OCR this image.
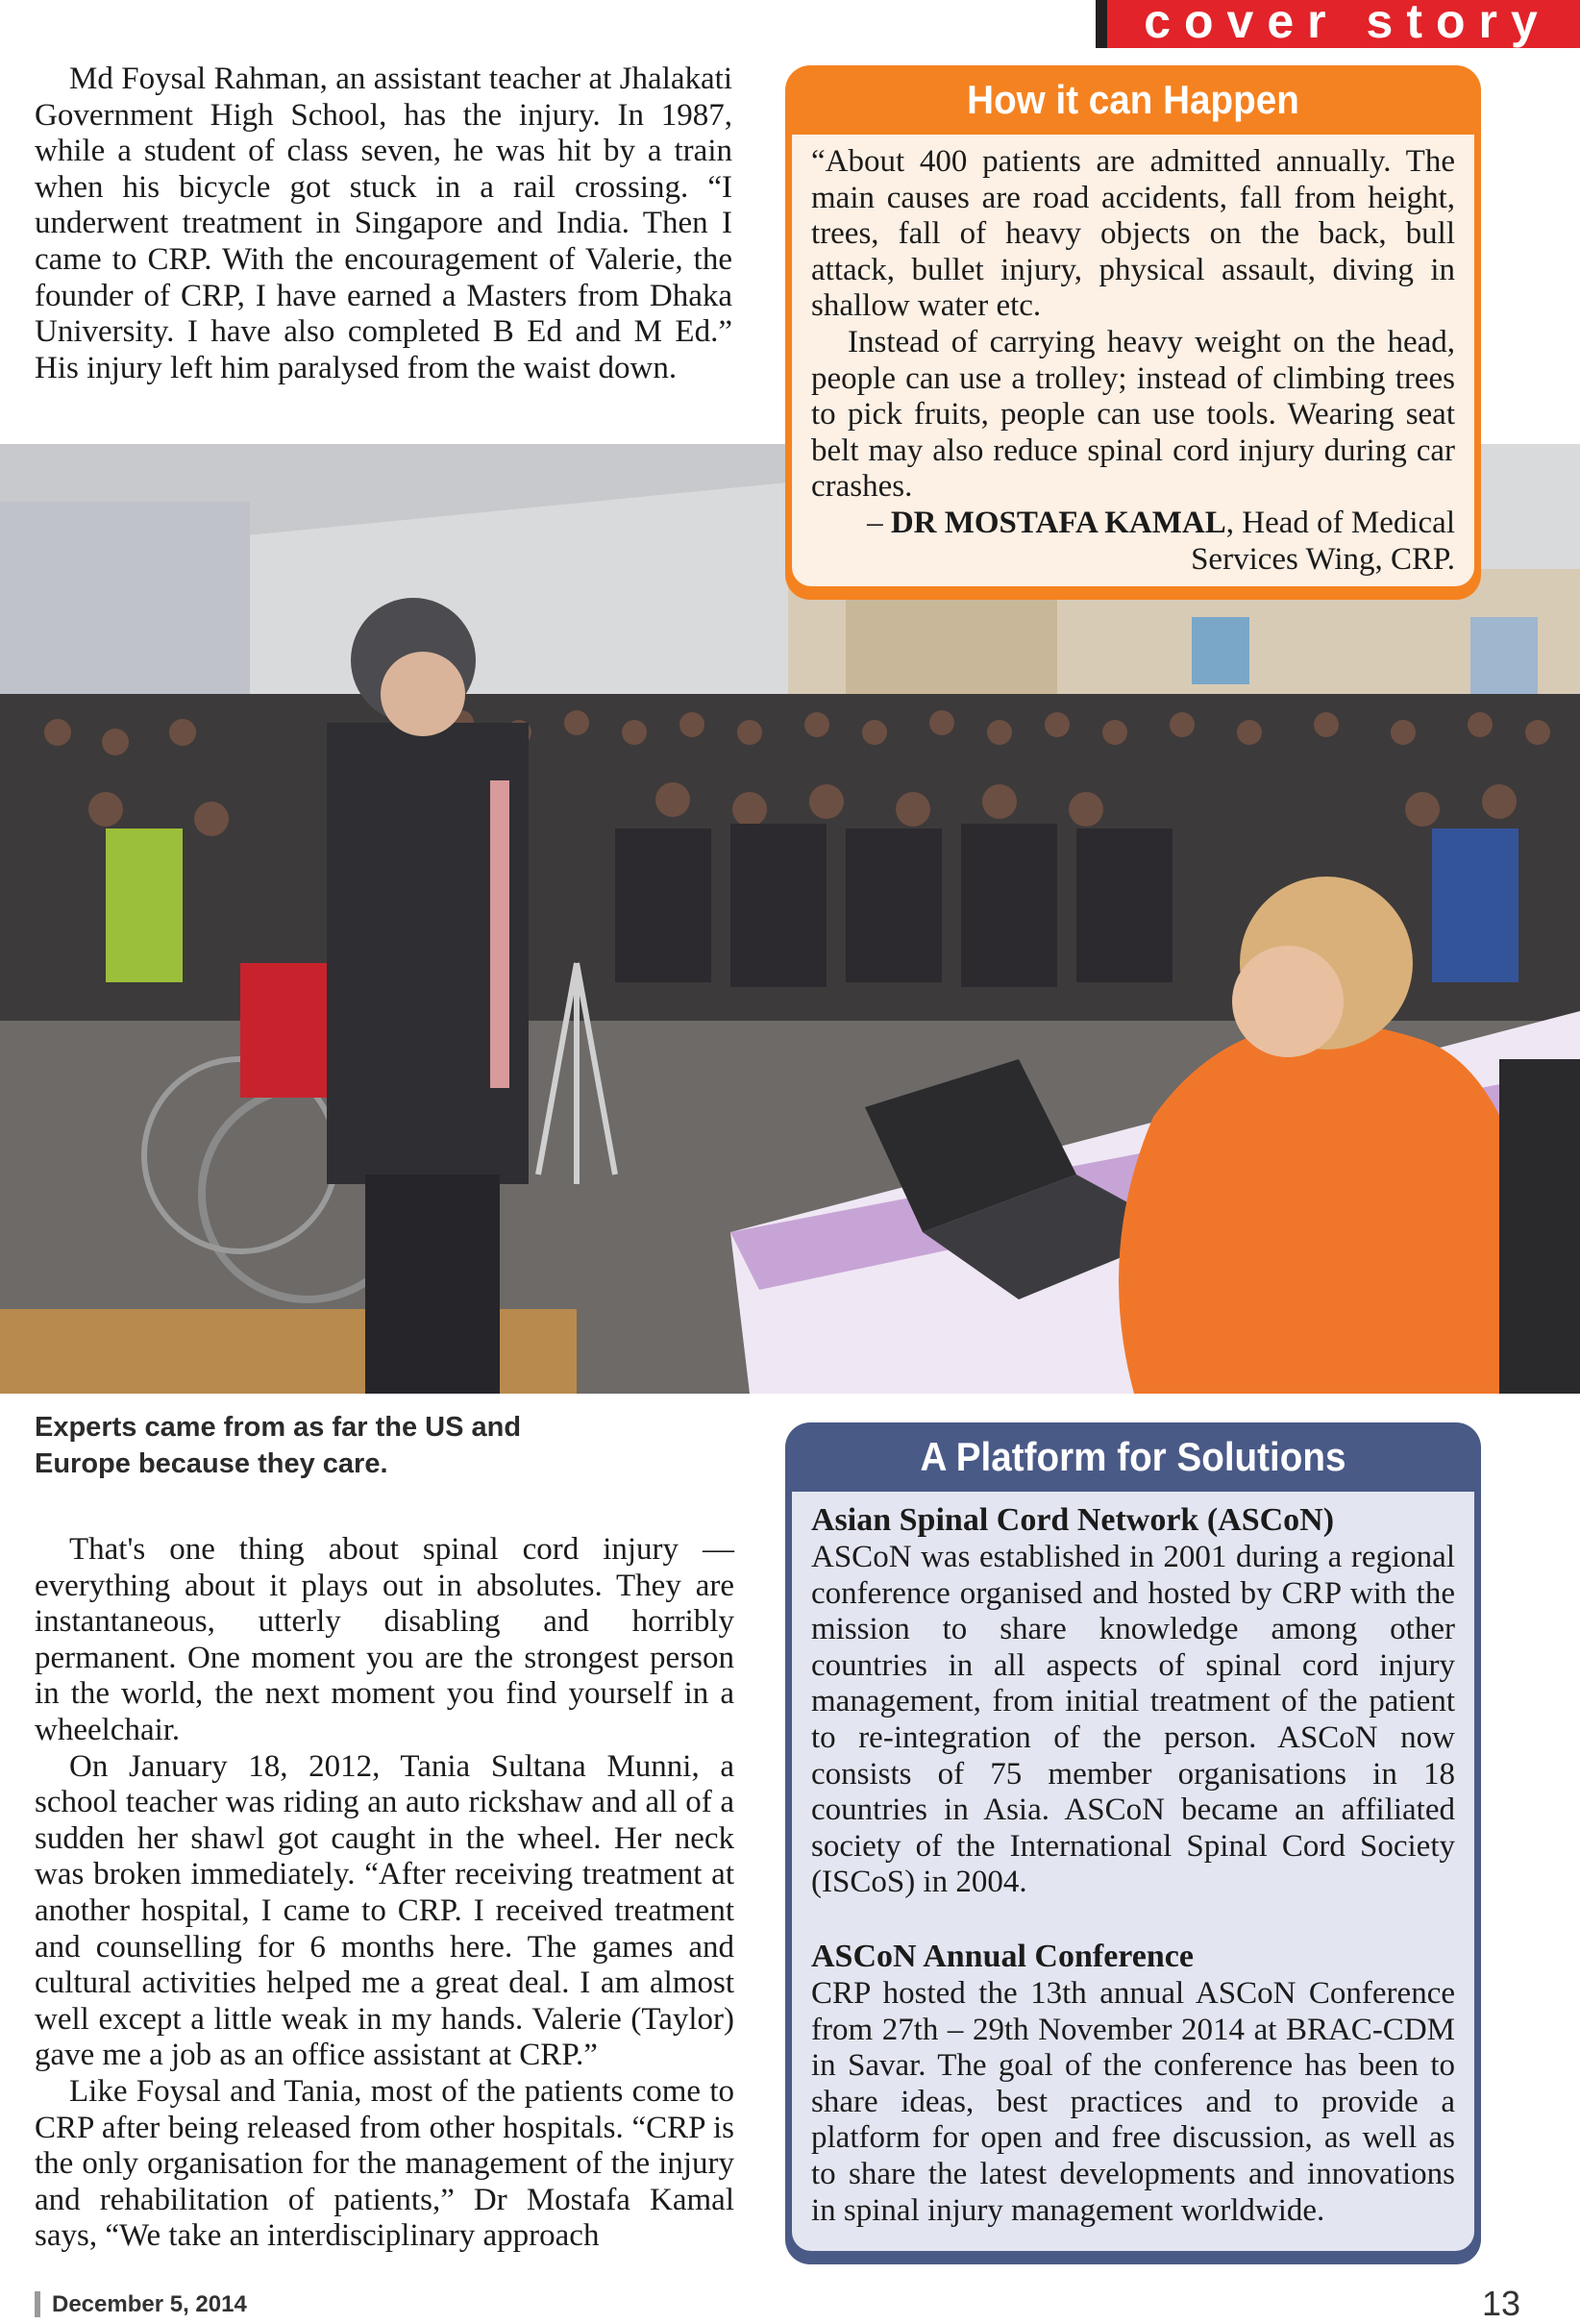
cover story

Md Foysal Rahman, an assistant teacher at Jhalakati Government High School, has the injury. In 1987, while a student of class seven, he was hit by a train when his bicycle got stuck in a rail crossing. “I underwent treatment in Singapore and India. Then I came to CRP. With the encouragement of Valerie, the founder of CRP, I have earned a Masters from Dhaka University. I have also completed B Ed and M Ed.” His injury left him paralysed from the waist down.

Experts came from as far the US and Europe because they care.
How it can Happen

“About 400 patients are admitted annually. The main causes are road accidents, fall from height, trees, fall of heavy objects on the back, bull attack, bullet injury, physical assault, diving in shallow water etc.

Instead of carrying heavy weight on the head, people can use a trolley; instead of climbing trees to pick fruits, people can use tools. Wearing seat belt may also reduce spinal cord injury during car crashes.

– DR MOSTAFA KAMAL, Head of Medical Services Wing, CRP.

That's one thing about spinal cord injury — everything about it plays out in absolutes. They are instantaneous, utterly disabling and horribly permanent. One moment you are the strongest person in the world, the next moment you find yourself in a wheelchair.

On January 18, 2012, Tania Sultana Munni, a school teacher was riding an auto rickshaw and all of a sudden her shawl got caught in the wheel. Her neck was broken immediately. “After receiving treatment at another hospital, I came to CRP. I received treatment and counselling for 6 months here. The games and cultural activities helped me a great deal. I am almost well except a little weak in my hands. Valerie (Taylor) gave me a job as an office assistant at CRP.”

Like Foysal and Tania, most of the patients come to CRP after being released from other hospitals. “CRP is the only organisation for the management of the injury and rehabilitation of patients,” Dr Mostafa Kamal says, “We take an interdisciplinary approach

A Platform for Solutions

Asian Spinal Cord Network (ASCoN)

ASCoN was established in 2001 during a regional conference organised and hosted by CRP with the mission to share knowledge among other countries in all aspects of spinal cord injury management, from initial treatment of the patient to re-integration of the person. ASCoN now consists of 75 member organisations in 18 countries in Asia. ASCoN became an affiliated society of the International Spinal Cord Society (ISCoS) in 2004.

ASCoN Annual Conference

CRP hosted the 13th annual ASCoN Conference from 27th – 29th November 2014 at BRAC-CDM in Savar. The goal of the conference has been to share ideas, best practices and to provide a platform for open and free discussion, as well as to share the latest developments and innovations in spinal injury management worldwide.

December 5, 2014	13
